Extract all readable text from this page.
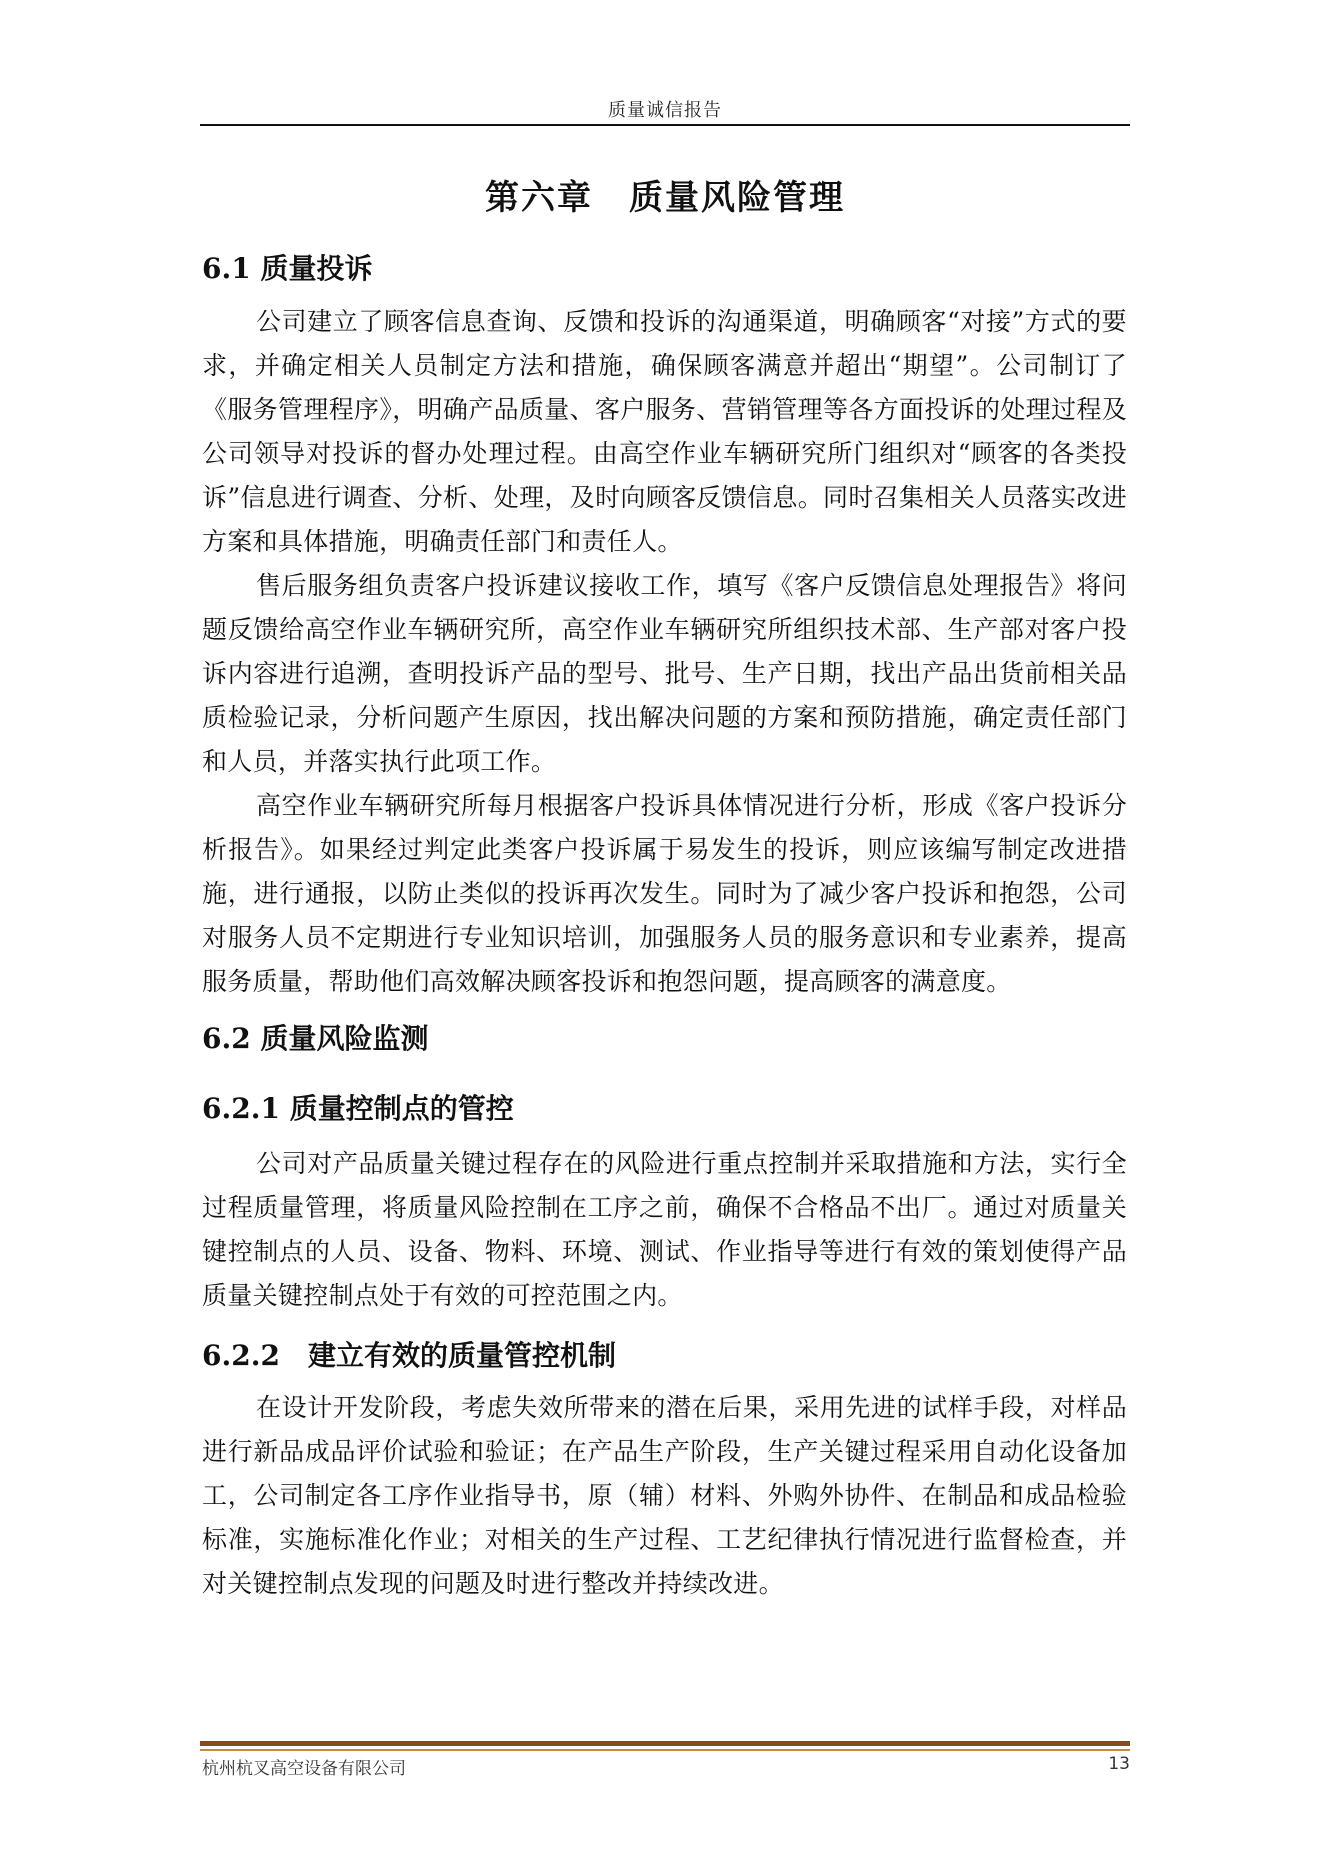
质量诚信报告
第六章　质量风险管理
6.1 质量投诉
公司建立了顾客信息查询、反馈和投诉的沟通渠道，明确顾客“对接”方式的要求，并确定相关人员制定方法和措施，确保顾客满意并超出“期望”。公司制订了《服务管理程序》，明确产品质量、客户服务、营销管理等各方面投诉的处理过程及公司领导对投诉的督办处理过程。由高空作业车辆研究所门组织对“顾客的各类投诉”信息进行调查、分析、处理，及时向顾客反馈信息。同时召集相关人员落实改进方案和具体措施，明确责任部门和责任人。
售后服务组负责客户投诉建议接收工作，填写《客户反馈信息处理报告》将问题反馈给高空作业车辆研究所，高空作业车辆研究所组织技术部、生产部对客户投诉内容进行追溯，查明投诉产品的型号、批号、生产日期，找出产品出货前相关品质检验记录，分析问题产生原因，找出解决问题的方案和预防措施，确定责任部门和人员，并落实执行此项工作。
高空作业车辆研究所每月根据客户投诉具体情况进行分析，形成《客户投诉分析报告》。如果经过判定此类客户投诉属于易发生的投诉，则应该编写制定改进措施，进行通报，以防止类似的投诉再次发生。同时为了减少客户投诉和抱怨，公司对服务人员不定期进行专业知识培训，加强服务人员的服务意识和专业素养，提高服务质量，帮助他们高效解决顾客投诉和抱怨问题，提高顾客的满意度。
6.2 质量风险监测
6.2.1 质量控制点的管控
公司对产品质量关键过程存在的风险进行重点控制并采取措施和方法，实行全过程质量管理，将质量风险控制在工序之前，确保不合格品不出厂。通过对质量关键控制点的人员、设备、物料、环境、测试、作业指导等进行有效的策划使得产品质量关键控制点处于有效的可控范围之内。
6.2.2　建立有效的质量管控机制
在设计开发阶段，考虑失效所带来的潜在后果，采用先进的试样手段，对样品进行新品成品评价试验和验证；在产品生产阶段，生产关键过程采用自动化设备加工，公司制定各工序作业指导书，原（辅）材料、外购外协件、在制品和成品检验标准，实施标准化作业；对相关的生产过程、工艺纪律执行情况进行监督检查，并对关键控制点发现的问题及时进行整改并持续改进。
杭州杭叉高空设备有限公司	13
